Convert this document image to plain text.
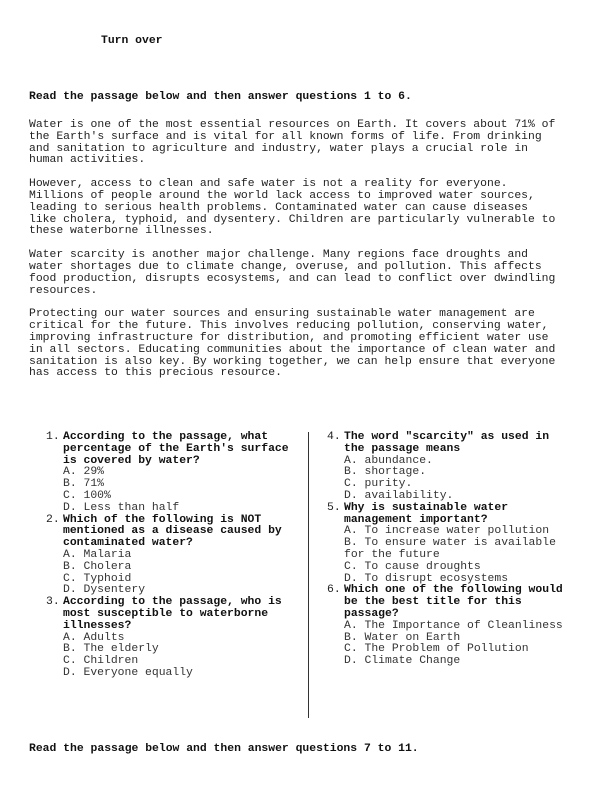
Turn over
Read the passage below and then answer questions 1 to 6.

Water is one of the most essential resources on Earth. It covers about 71% of
the Earth's surface and is vital for all known forms of life. From drinking
and sanitation to agriculture and industry, water plays a crucial role in
human activities.

However, access to clean and safe water is not a reality for everyone.
Millions of people around the world lack access to improved water sources,
leading to serious health problems. Contaminated water can cause diseases
like cholera, typhoid, and dysentery. Children are particularly vulnerable to
these waterborne illnesses.

Water scarcity is another major challenge. Many regions face droughts and
water shortages due to climate change, overuse, and pollution. This affects
food production, disrupts ecosystems, and can lead to conflict over dwindling
resources.

Protecting our water sources and ensuring sustainable water management are
critical for the future. This involves reducing pollution, conserving water,
improving infrastructure for distribution, and promoting efficient water use
in all sectors. Educating communities about the importance of clean water and
sanitation is also key. By working together, we can help ensure that everyone
has access to this precious resource.

1. According to the passage, what
percentage of the Earth's surface
is covered by water?
A. 29%
B. 71%
C. 100%
D. Less than half
2. Which of the following is NOT
mentioned as a disease caused by
contaminated water?
A. Malaria
B. Cholera
C. Typhoid
D. Dysentery
3. According to the passage, who is
most susceptible to waterborne
illnesses?
A. Adults
B. The elderly
C. Children
D. Everyone equally
4. The word "scarcity" as used in
the passage means
A. abundance.
B. shortage.
C. purity.
D. availability.
5. Why is sustainable water
management important?
A. To increase water pollution
B. To ensure water is available
for the future
C. To cause droughts
D. To disrupt ecosystems
6. Which one of the following would
be the best title for this
passage?
A. The Importance of Cleanliness
B. Water on Earth
C. The Problem of Pollution
D. Climate Change
Read the passage below and then answer questions 7 to 11.
